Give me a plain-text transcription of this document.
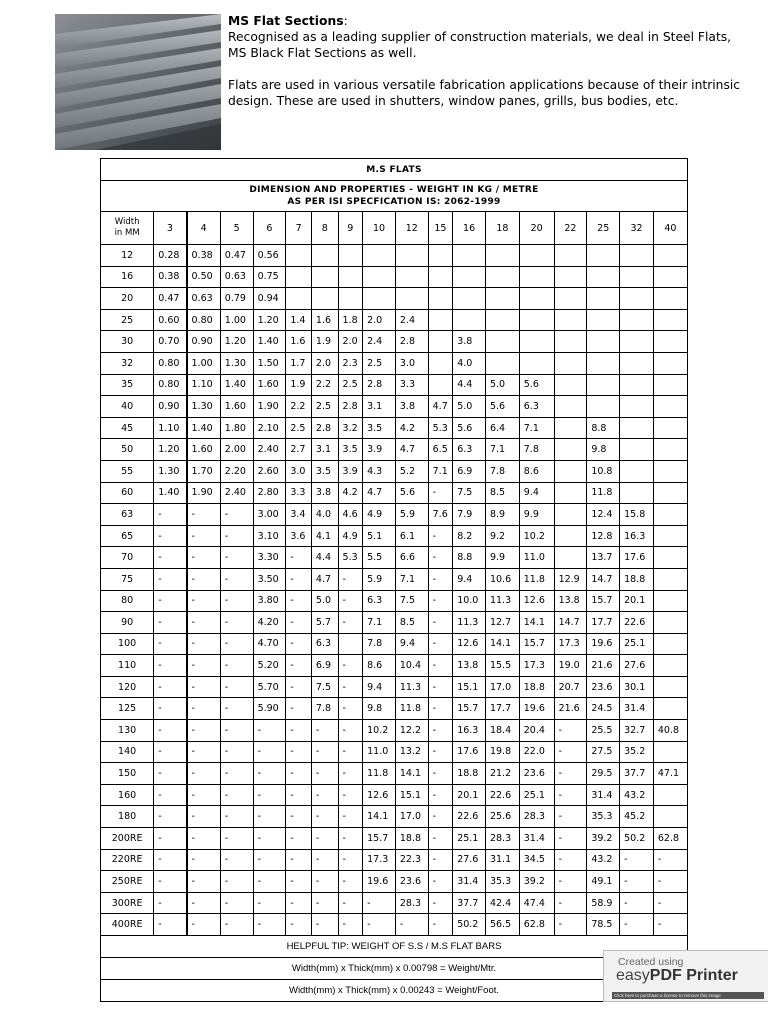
MS Flat Sections:

Recognised as a leading supplier of construction materials, we deal in Steel Flats, MS Black Flat Sections as well.

Flats are used in various versatile fabrication applications because of their intrinsic design. These are used in shutters, window panes, grills, bus bodies, etc.

M.S FLATS																	
DIMENSION AND PROPERTIES - WEIGHT IN KG / METRE
AS PER ISI SPECFICATION IS: 2062-1999																	
Width
in MM	3	4	5	6	7	8	9	10	12	15	16	18	20	22	25	32	40
12	0.28	0.38	0.47	0.56													
16	0.38	0.50	0.63	0.75													
20	0.47	0.63	0.79	0.94													
25	0.60	0.80	1.00	1.20	1.4	1.6	1.8	2.0	2.4								
30	0.70	0.90	1.20	1.40	1.6	1.9	2.0	2.4	2.8		3.8						
32	0.80	1.00	1.30	1.50	1.7	2.0	2.3	2.5	3.0		4.0						
35	0.80	1.10	1.40	1.60	1.9	2.2	2.5	2.8	3.3		4.4	5.0	5.6				
40	0.90	1.30	1.60	1.90	2.2	2.5	2.8	3.1	3.8	4.7	5.0	5.6	6.3				
45	1.10	1.40	1.80	2.10	2.5	2.8	3.2	3.5	4.2	5.3	5.6	6.4	7.1		8.8		
50	1.20	1.60	2.00	2.40	2.7	3.1	3.5	3.9	4.7	6.5	6.3	7.1	7.8		9.8		
55	1.30	1.70	2.20	2.60	3.0	3.5	3.9	4.3	5.2	7.1	6.9	7.8	8.6		10.8		
60	1.40	1.90	2.40	2.80	3.3	3.8	4.2	4.7	5.6	-	7.5	8.5	9.4		11.8		
63	-	-	-	3.00	3.4	4.0	4.6	4.9	5.9	7.6	7.9	8.9	9.9		12.4	15.8	
65	-	-	-	3.10	3.6	4.1	4.9	5.1	6.1	-	8.2	9.2	10.2		12.8	16.3	
70	-	-	-	3.30	-	4.4	5.3	5.5	6.6	-	8.8	9.9	11.0		13.7	17.6	
75	-	-	-	3.50	-	4.7	-	5.9	7.1	-	9.4	10.6	11.8	12.9	14.7	18.8	
80	-	-	-	3.80	-	5.0	-	6.3	7.5	-	10.0	11.3	12.6	13.8	15.7	20.1	
90	-	-	-	4.20	-	5.7	-	7.1	8.5	-	11.3	12.7	14.1	14.7	17.7	22.6	
100	-	-	-	4.70	-	6.3		7.8	9.4	-	12.6	14.1	15.7	17.3	19.6	25.1	
110	-	-	-	5.20	-	6.9	-	8.6	10.4	-	13.8	15.5	17.3	19.0	21.6	27.6	
120	-	-	-	5.70	-	7.5	-	9.4	11.3	-	15.1	17.0	18.8	20.7	23.6	30.1	
125	-	-	-	5.90	-	7.8	-	9.8	11.8	-	15.7	17.7	19.6	21.6	24.5	31.4	
130	-	-	-	-	-	-	-	10.2	12.2	-	16.3	18.4	20.4	-	25.5	32.7	40.8
140	-	-	-	-	-	-	-	11.0	13.2	-	17.6	19.8	22.0	-	27.5	35.2	
150	-	-	-	-	-	-	-	11.8	14.1	-	18.8	21.2	23.6	-	29.5	37.7	47.1
160	-	-	-	-	-	-	-	12.6	15.1	-	20.1	22.6	25.1	-	31.4	43.2	
180	-	-	-	-	-	-	-	14.1	17.0	-	22.6	25.6	28.3	-	35.3	45.2	
200RE	-	-	-	-	-	-	-	15.7	18.8	-	25.1	28.3	31.4	-	39.2	50.2	62.8
220RE	-	-	-	-	-	-	-	17.3	22.3	-	27.6	31.1	34.5	-	43.2	-	-
250RE	-	-	-	-	-	-	-	19.6	23.6	-	31.4	35.3	39.2	-	49.1	-	-
300RE	-	-	-	-	-	-	-	-	28.3	-	37.7	42.4	47.4	-	58.9	-	-
400RE	-	-	-	-	-	-	-	-	-	-	50.2	56.5	62.8	-	78.5	-	-
HELPFUL TIP: WEIGHT OF S.S / M.S FLAT BARS																	
Width(mm) x Thick(mm) x 0.00798 = Weight/Mtr.																	
Width(mm) x Thick(mm) x 0.00243 = Weight/Foot.																	
Created using
easyPDF Printer
Click here to purchase a license to remove this image
